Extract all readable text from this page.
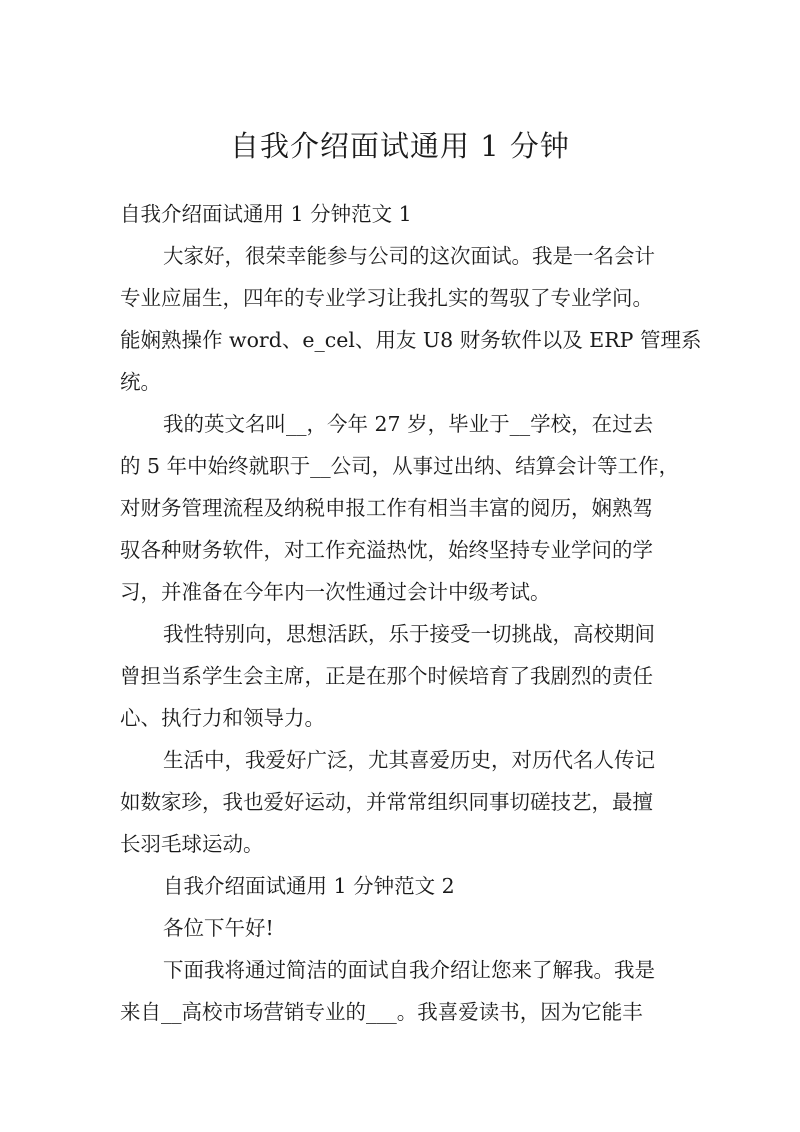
自我介绍面试通用 1 分钟

自我介绍面试通用 1 分钟范文 1

大家好，很荣幸能参与公司的这次面试。我是一名会计

专业应届生，四年的专业学习让我扎实的驾驭了专业学问。

能娴熟操作 word、e_cel、用友 U8 财务软件以及 ERP 管理系

统。

我的英文名叫__，今年 27 岁，毕业于__学校，在过去

的 5 年中始终就职于__公司，从事过出纳、结算会计等工作，

对财务管理流程及纳税申报工作有相当丰富的阅历，娴熟驾

驭各种财务软件，对工作充溢热忱，始终坚持专业学问的学

习，并准备在今年内一次性通过会计中级考试。

我性特别向，思想活跃，乐于接受一切挑战，高校期间

曾担当系学生会主席，正是在那个时候培育了我剧烈的责任

心、执行力和领导力。

生活中，我爱好广泛，尤其喜爱历史，对历代名人传记

如数家珍，我也爱好运动，并常常组织同事切磋技艺，最擅

长羽毛球运动。

自我介绍面试通用 1 分钟范文 2

各位下午好!

下面我将通过简洁的面试自我介绍让您来了解我。我是

来自__高校市场营销专业的___。我喜爱读书，因为它能丰
